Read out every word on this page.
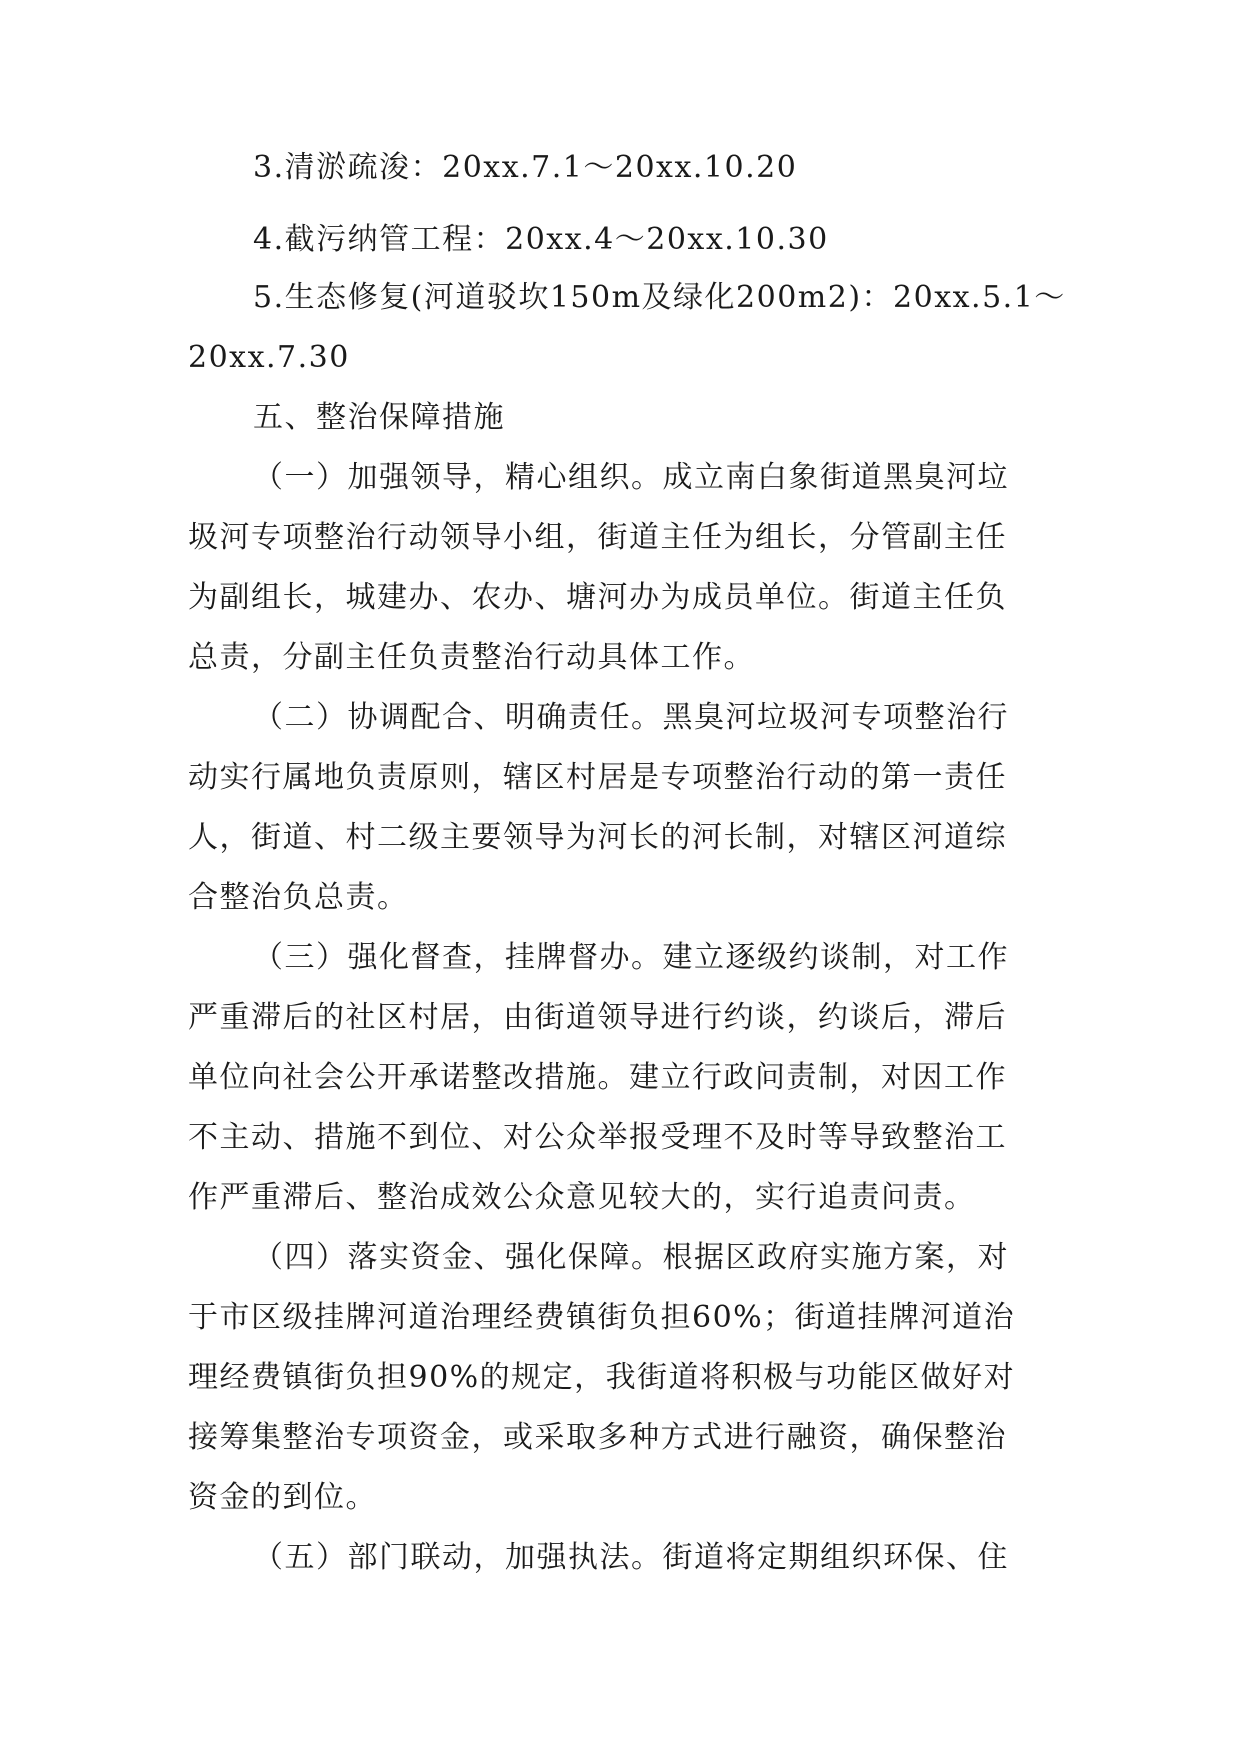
3.清淤疏浚：20xx.7.1～20xx.10.20
4.截污纳管工程：20xx.4～20xx.10.30
5.生态修复(河道驳坎150m及绿化200m2)：20xx.5.1～
20xx.7.30
五、整治保障措施
（一）加强领导，精心组织。成立南白象街道黑臭河垃
圾河专项整治行动领导小组，街道主任为组长，分管副主任
为副组长，城建办、农办、塘河办为成员单位。街道主任负
总责，分副主任负责整治行动具体工作。
（二）协调配合、明确责任。黑臭河垃圾河专项整治行
动实行属地负责原则，辖区村居是专项整治行动的第一责任
人，街道、村二级主要领导为河长的河长制，对辖区河道综
合整治负总责。
（三）强化督查，挂牌督办。建立逐级约谈制，对工作
严重滞后的社区村居，由街道领导进行约谈，约谈后，滞后
单位向社会公开承诺整改措施。建立行政问责制，对因工作
不主动、措施不到位、对公众举报受理不及时等导致整治工
作严重滞后、整治成效公众意见较大的，实行追责问责。
（四）落实资金、强化保障。根据区政府实施方案，对
于市区级挂牌河道治理经费镇街负担60%；街道挂牌河道治
理经费镇街负担90%的规定，我街道将积极与功能区做好对
接筹集整治专项资金，或采取多种方式进行融资，确保整治
资金的到位。
（五）部门联动，加强执法。街道将定期组织环保、住
